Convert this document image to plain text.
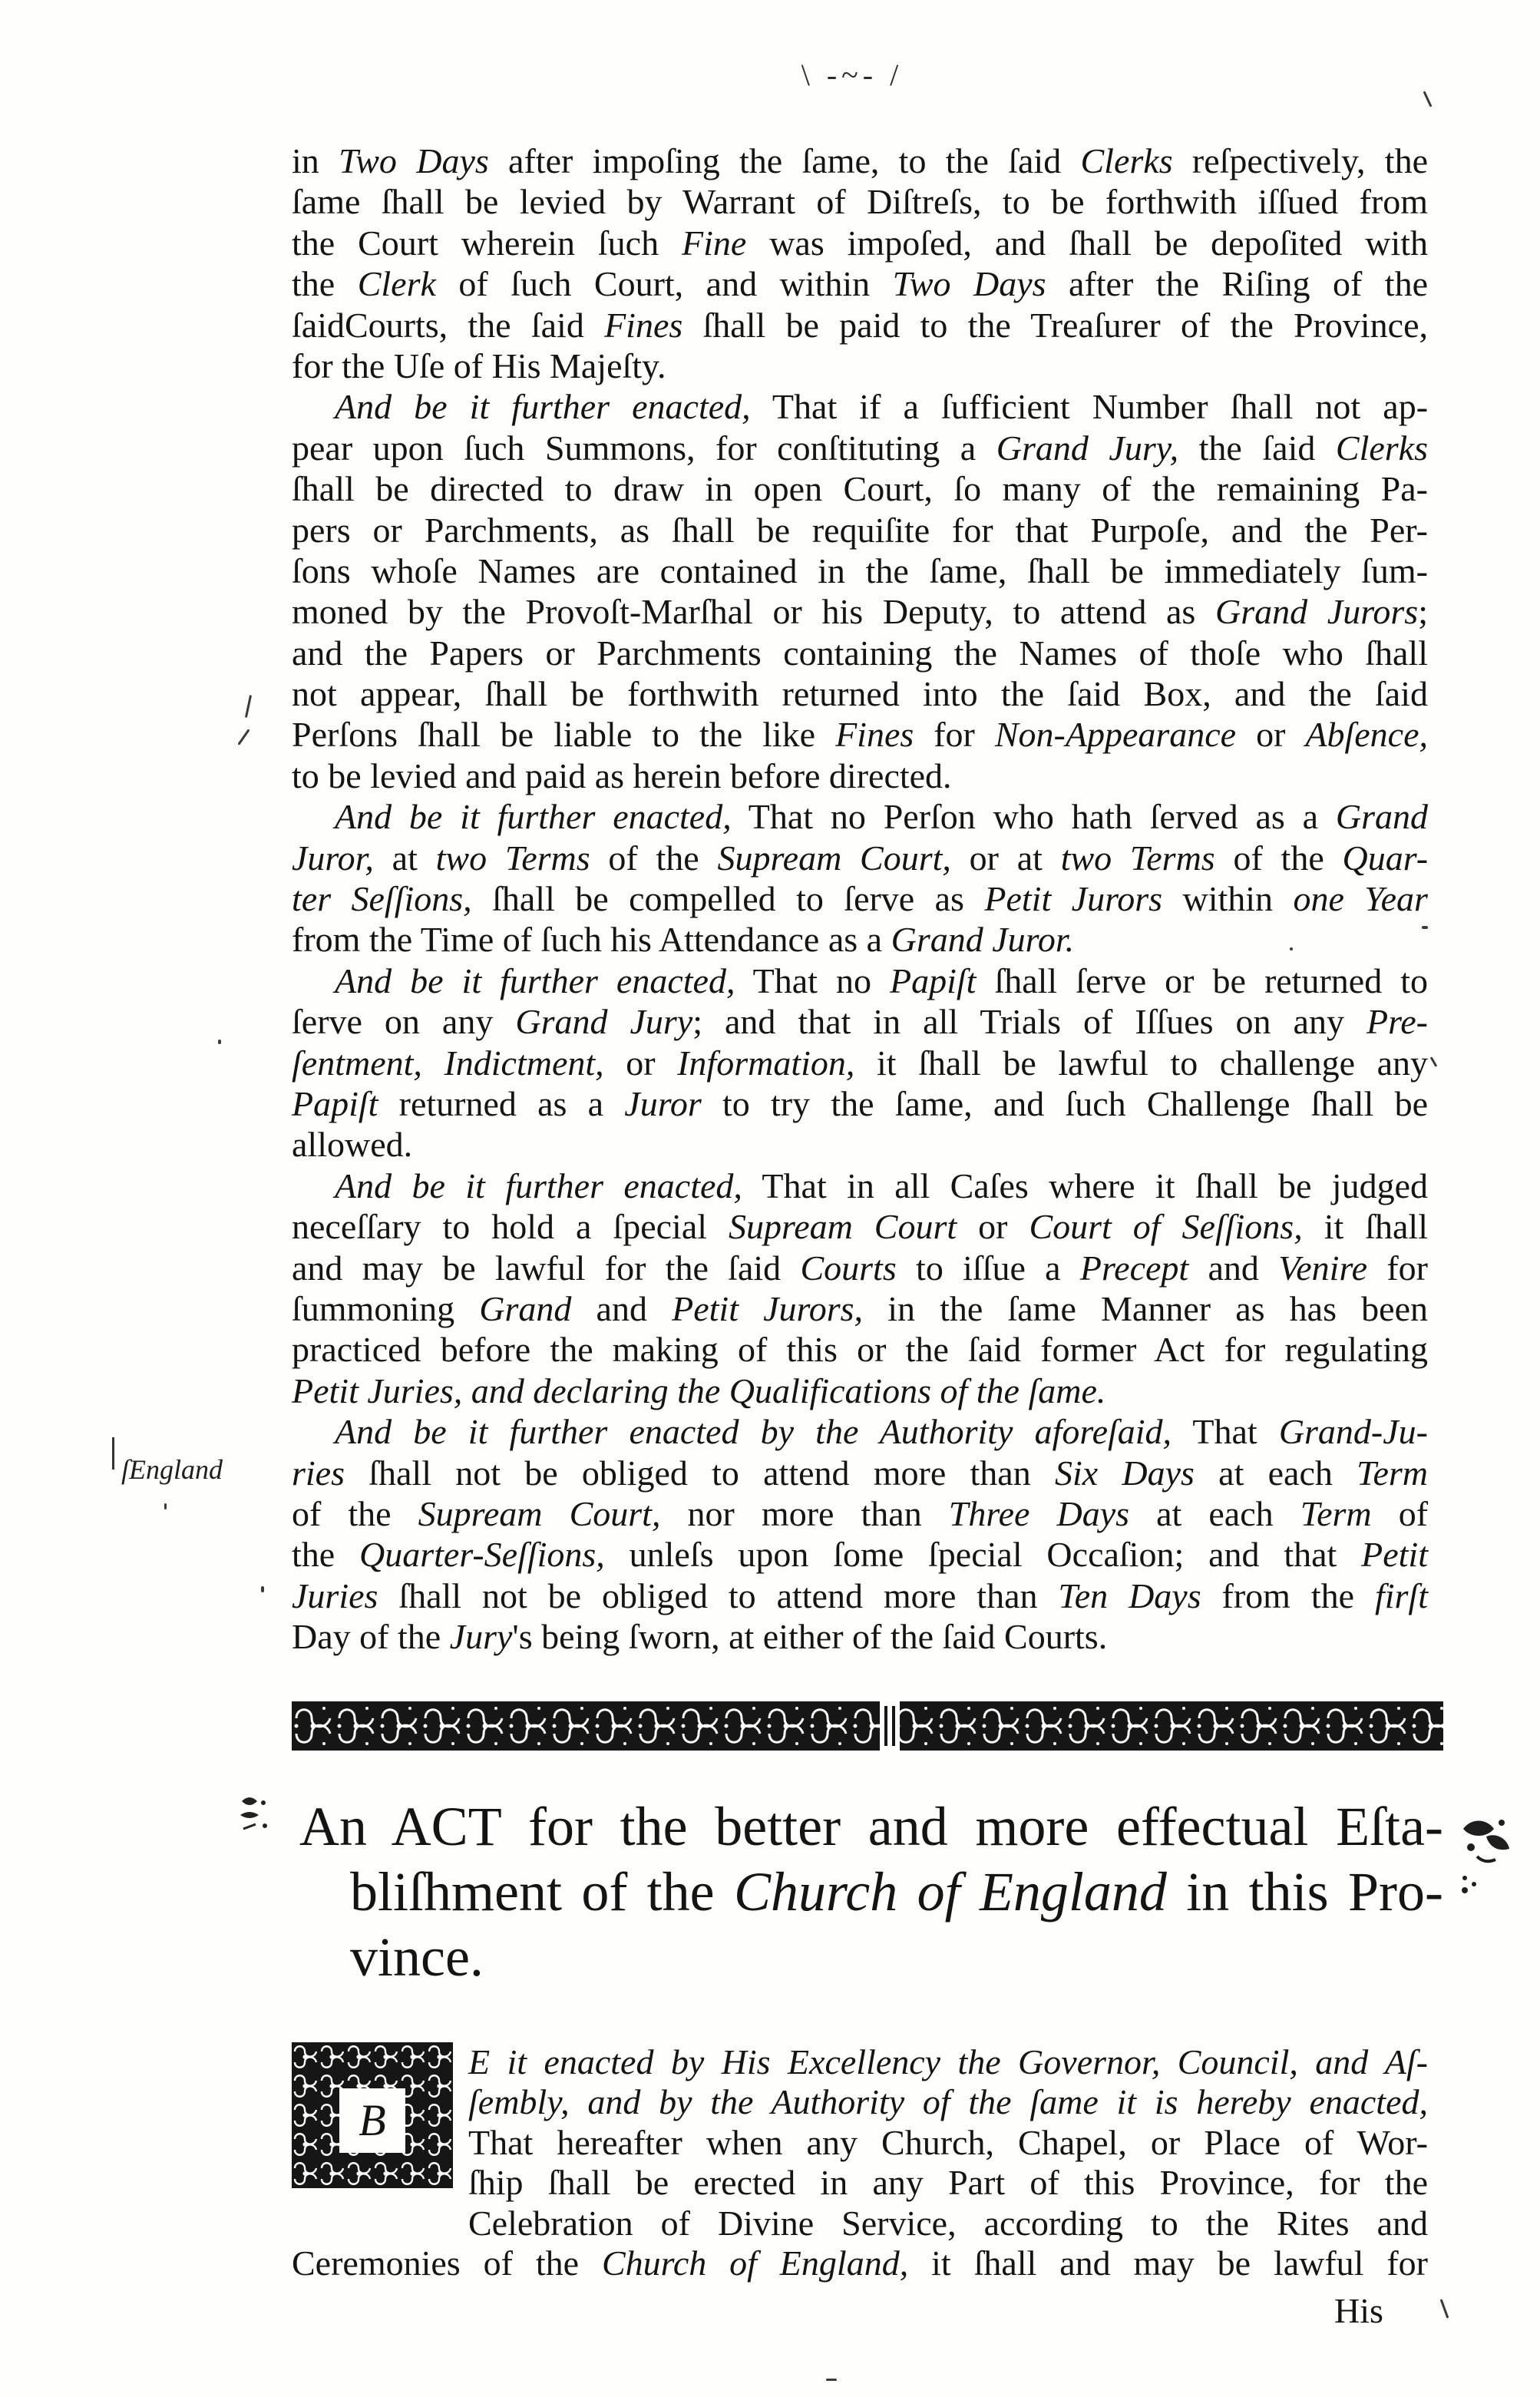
\ -~- /
in Two Days after impoſing the ſame, to the ſaid Clerks reſpectively, the
ſame ſhall be levied by Warrant of Diſtreſs, to be forthwith iſſued from
the Court wherein ſuch Fine was impoſed, and ſhall be depoſited with
the Clerk of ſuch Court, and within Two Days after the Riſing of the
ſaidCourts, the ſaid Fines ſhall be paid to the Treaſurer of the Province,
for the Uſe of His Majeſty.
And be it further enacted, That if a ſufficient Number ſhall not ap-
pear upon ſuch Summons, for conſtituting a Grand Jury, the ſaid Clerks
ſhall be directed to draw in open Court, ſo many of the remaining Pa-
pers or Parchments, as ſhall be requiſite for that Purpoſe, and the Per-
ſons whoſe Names are contained in the ſame, ſhall be immediately ſum-
moned by the Provoſt-Marſhal or his Deputy, to attend as Grand Jurors;
and the Papers or Parchments containing the Names of thoſe who ſhall
not appear, ſhall be forthwith returned into the ſaid Box, and the ſaid
Perſons ſhall be liable to the like Fines for Non-Appearance or Abſence,
to be levied and paid as herein before directed.
And be it further enacted, That no Perſon who hath ſerved as a Grand
Juror, at two Terms of the Supream Court, or at two Terms of the Quar-
ter Seſſions, ſhall be compelled to ſerve as Petit Jurors within one Year
from the Time of ſuch his Attendance as a Grand Juror.
And be it further enacted, That no Papiſt ſhall ſerve or be returned to
ſerve on any Grand Jury; and that in all Trials of Iſſues on any Pre-
ſentment, Indictment, or Information, it ſhall be lawful to challenge any
Papiſt returned as a Juror to try the ſame, and ſuch Challenge ſhall be
allowed.
And be it further enacted, That in all Caſes where it ſhall be judged
neceſſary to hold a ſpecial Supream Court or Court of Seſſions, it ſhall
and may be lawful for the ſaid Courts to iſſue a Precept and Venire for
ſummoning Grand and Petit Jurors, in the ſame Manner as has been
practiced before the making of this or the ſaid former Act for regulating
Petit Juries, and declaring the Qualifications of the ſame.
And be it further enacted by the Authority aforeſaid, That Grand-Ju-
ries ſhall not be obliged to attend more than Six Days at each Term
of the Supream Court, nor more than Three Days at each Term of
the Quarter-Seſſions, unleſs upon ſome ſpecial Occaſion; and that Petit
Juries ſhall not be obliged to attend more than Ten Days from the firſt
Day of the Jury's being ſworn, at either of the ſaid Courts.
ſEngland
An ACT for the better and more effectual Eſta-
bliſhment of the Church of England in this Pro-
vince.
B
E it enacted by His Excellency the Governor, Council, and Aſ-
ſembly, and by the Authority of the ſame it is hereby enacted,
That hereafter when any Church, Chapel, or Place of Wor-
ſhip ſhall be erected in any Part of this Province, for the
Celebration of Divine Service, according to the Rites and
Ceremonies of the Church of England, it ſhall and may be lawful for
His
